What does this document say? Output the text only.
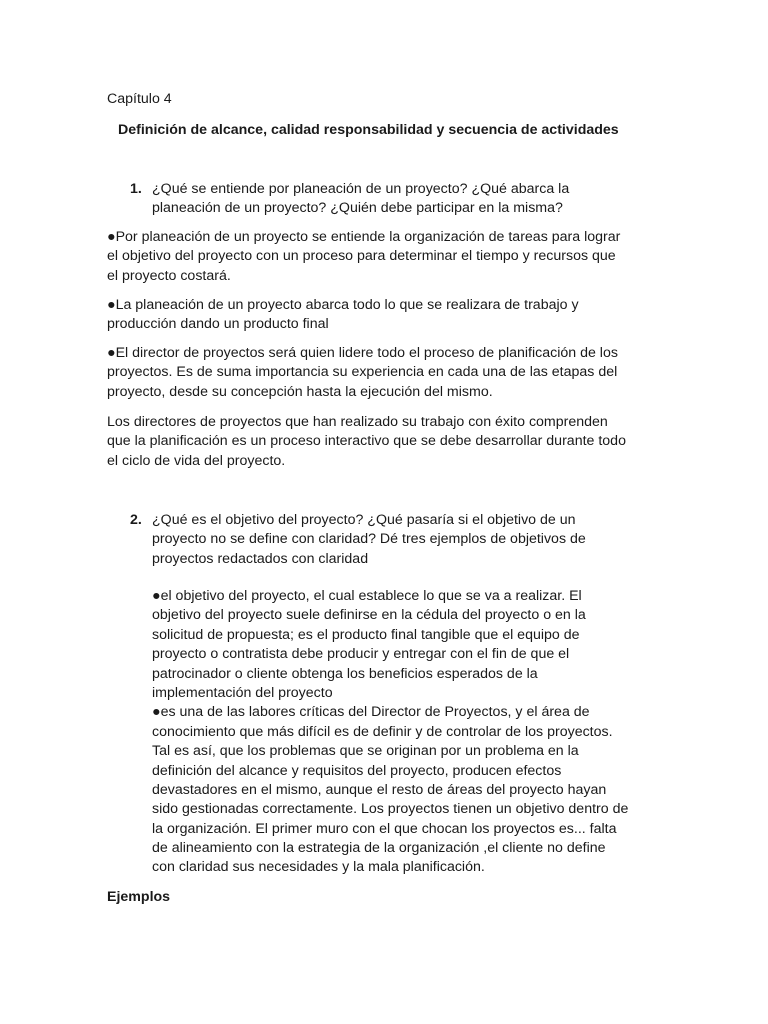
Capítulo 4
Definición de alcance, calidad responsabilidad y secuencia de actividades
1. ¿Qué se entiende por planeación de un proyecto? ¿Qué abarca la
planeación de un proyecto? ¿Quién debe participar en la misma?
●Por planeación de un proyecto se entiende la organización de tareas para lograr
el objetivo del proyecto con un proceso para determinar el tiempo y recursos que
el proyecto costará.
●La planeación de un proyecto abarca todo lo que se realizara de trabajo y
producción dando un producto final
●El director de proyectos será quien lidere todo el proceso de planificación de los
proyectos. Es de suma importancia su experiencia en cada una de las etapas del
proyecto, desde su concepción hasta la ejecución del mismo.
Los directores de proyectos que han realizado su trabajo con éxito comprenden
que la planificación es un proceso interactivo que se debe desarrollar durante todo
el ciclo de vida del proyecto.
2. ¿Qué es el objetivo del proyecto? ¿Qué pasaría si el objetivo de un
proyecto no se define con claridad? Dé tres ejemplos de objetivos de
proyectos redactados con claridad
●el objetivo del proyecto, el cual establece lo que se va a realizar. El
objetivo del proyecto suele definirse en la cédula del proyecto o en la
solicitud de propuesta; es el producto final tangible que el equipo de
proyecto o contratista debe producir y entregar con el fin de que el
patrocinador o cliente obtenga los beneficios esperados de la
implementación del proyecto
●es una de las labores críticas del Director de Proyectos, y el área de
conocimiento que más difícil es de definir y de controlar de los proyectos.
Tal es así, que los problemas que se originan por un problema en la
definición del alcance y requisitos del proyecto, producen efectos
devastadores en el mismo, aunque el resto de áreas del proyecto hayan
sido gestionadas correctamente. Los proyectos tienen un objetivo dentro de
la organización. El primer muro con el que chocan los proyectos es... falta
de alineamiento con la estrategia de la organización ,el cliente no define
con claridad sus necesidades y la mala planificación.
Ejemplos
